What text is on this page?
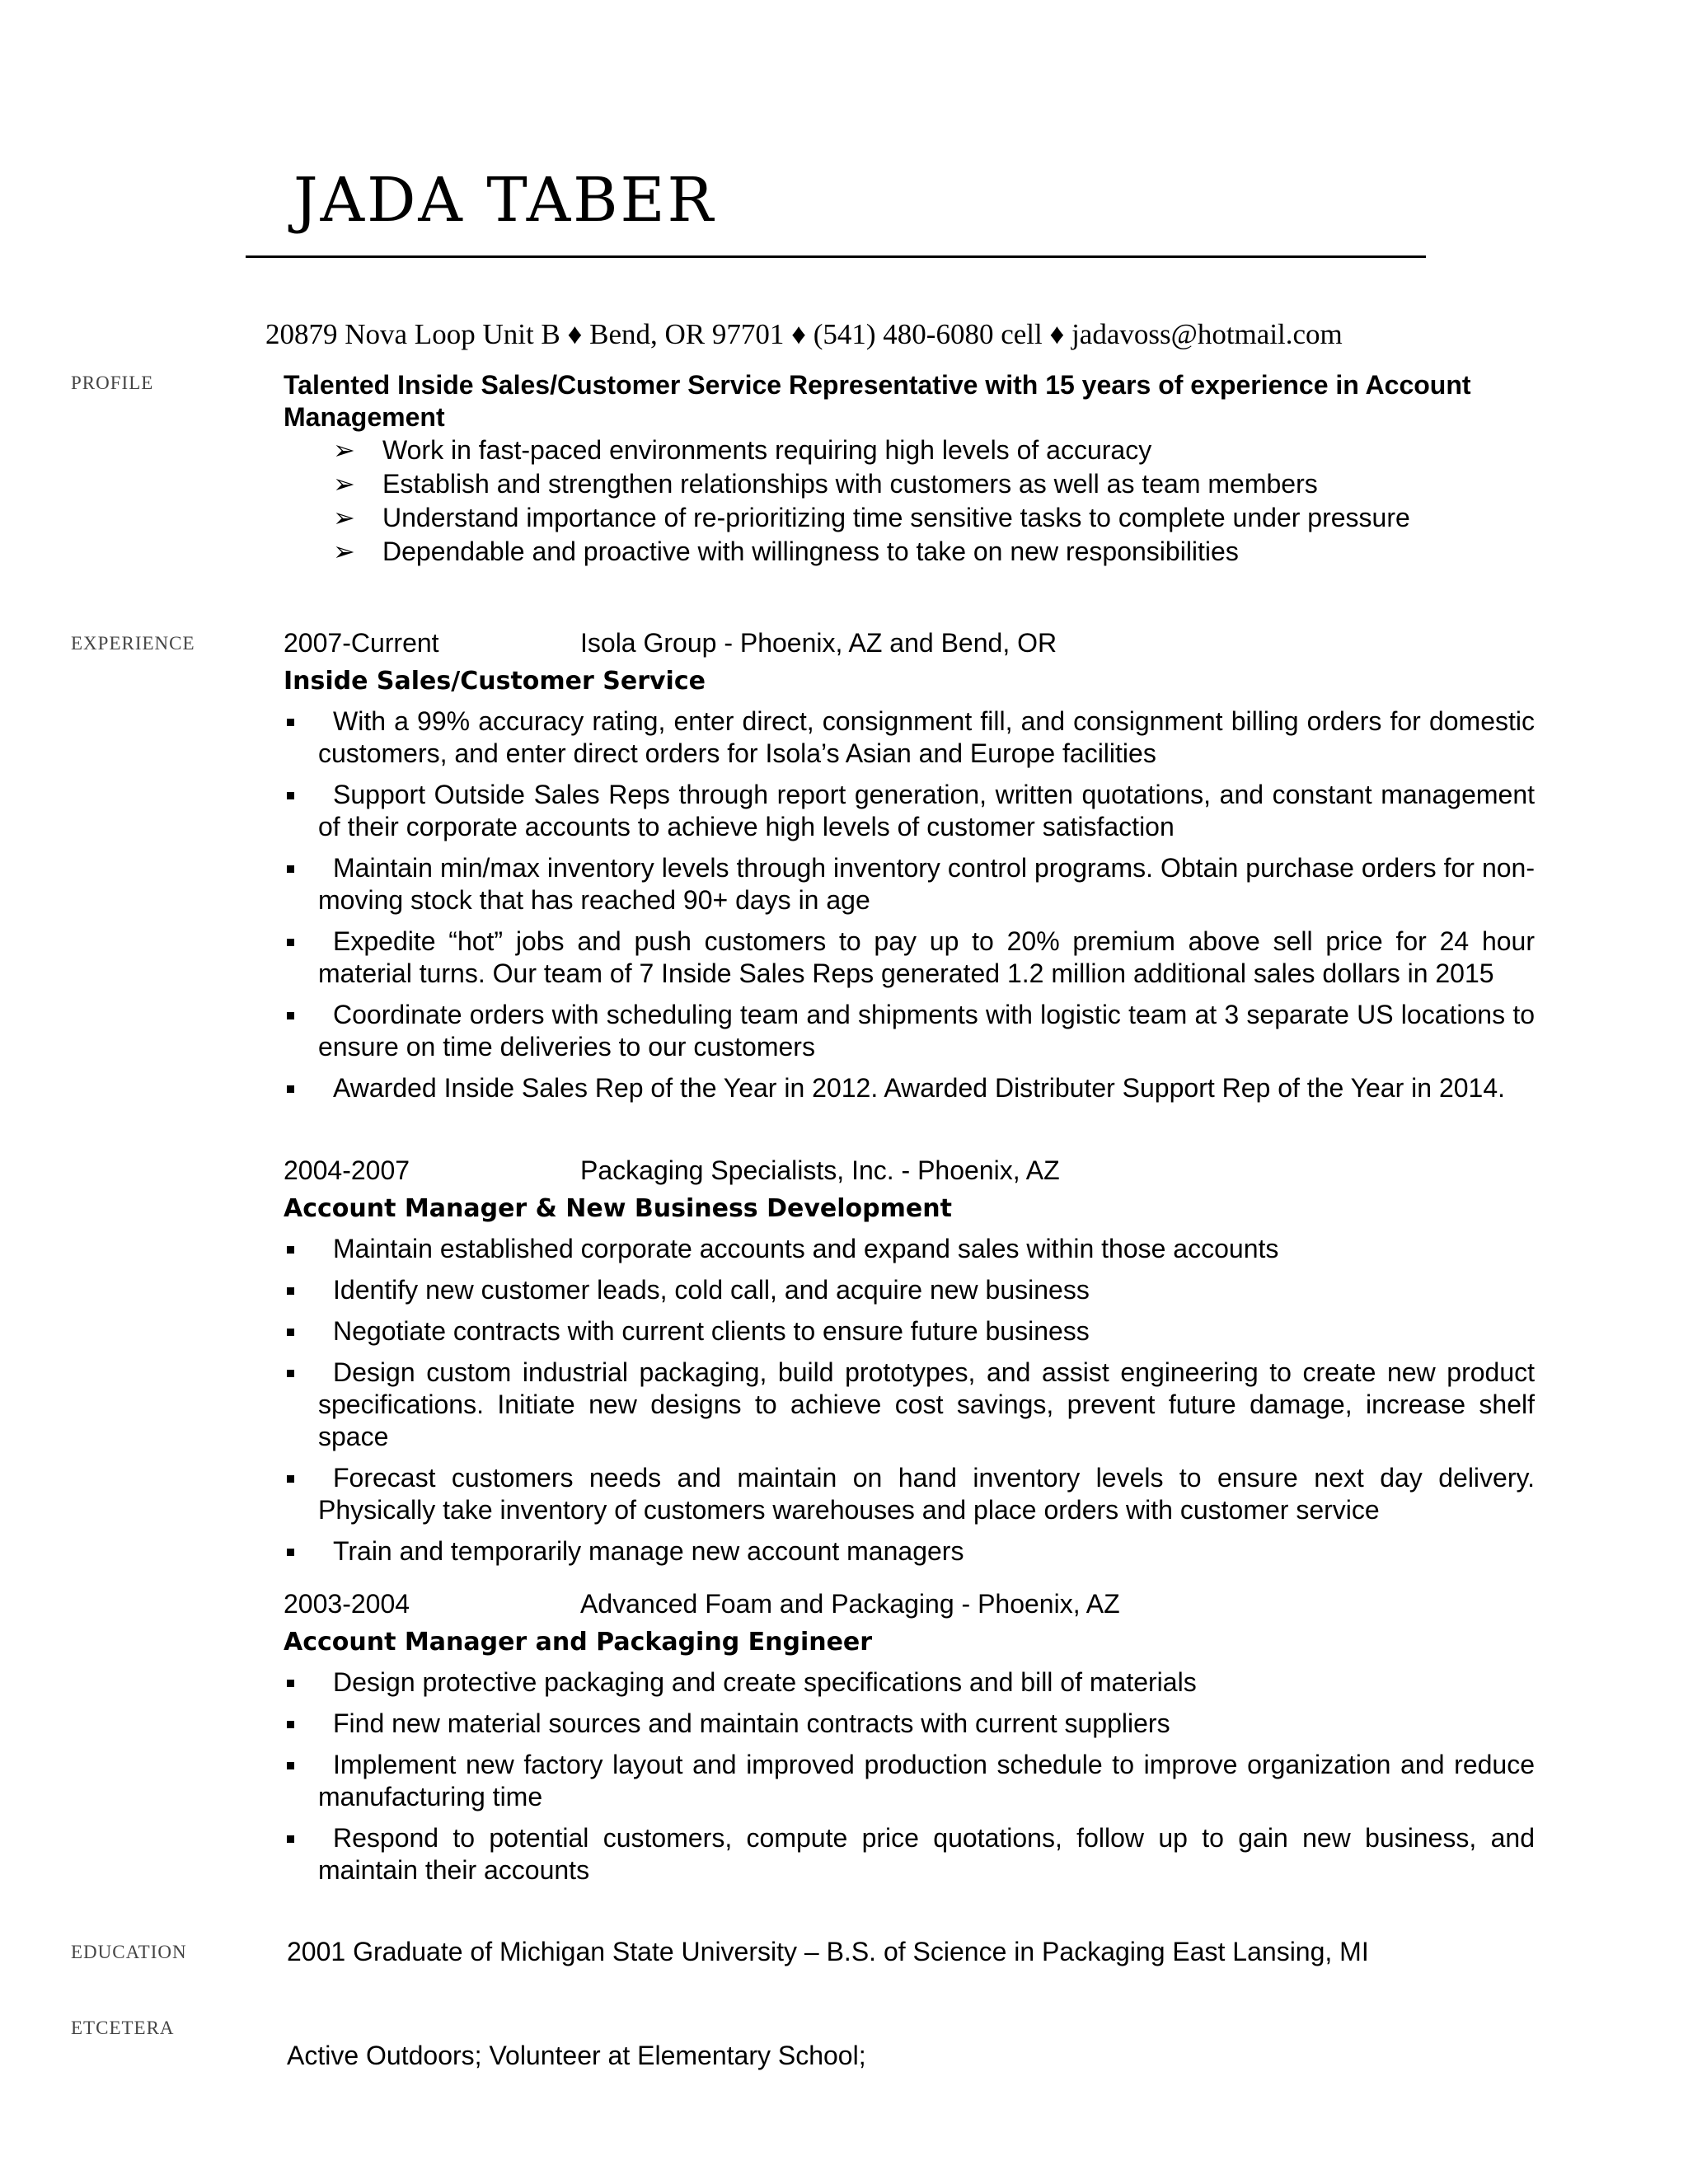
JADA TABER
20879 Nova Loop Unit B ♦ Bend, OR 97701 ♦ (541) 480-6080 cell ♦ jadavoss@hotmail.com
profile
experience
education
etcetera
Talented Inside Sales/Customer Service Representative with 15 years of experience in Account Management
➢ Work in fast-paced environments requiring high levels of accuracy
➢ Establish and strengthen relationships with customers as well as team members
➢ Understand importance of re-prioritizing time sensitive tasks to complete under pressure
➢ Dependable and proactive with willingness to take on new responsibilities
2007-Current	Isola Group - Phoenix, AZ and Bend, OR
Inside Sales/Customer Service
With a 99% accuracy rating, enter direct, consignment fill, and consignment billing orders for domestic customers, and enter direct orders for Isola’s Asian and Europe facilities
Support Outside Sales Reps through report generation, written quotations, and constant management of their corporate accounts to achieve high levels of customer satisfaction
Maintain min/max inventory levels through inventory control programs. Obtain purchase orders for non-moving stock that has reached 90+ days in age
Expedite “hot” jobs and push customers to pay up to 20% premium above sell price for 24 hour material turns. Our team of 7 Inside Sales Reps generated 1.2 million additional sales dollars in 2015
Coordinate orders with scheduling team and shipments with logistic team at 3 separate US locations to ensure on time deliveries to our customers
Awarded Inside Sales Rep of the Year in 2012. Awarded Distributer Support Rep of the Year in 2014.
2004-2007	Packaging Specialists, Inc. - Phoenix, AZ
Account Manager & New Business Development
Maintain established corporate accounts and expand sales within those accounts
Identify new customer leads, cold call, and acquire new business
Negotiate contracts with current clients to ensure future business
Design custom industrial packaging, build prototypes, and assist engineering to create new product specifications. Initiate new designs to achieve cost savings, prevent future damage, increase shelf space
Forecast customers needs and maintain on hand inventory levels to ensure next day delivery. Physically take inventory of customers warehouses and place orders with customer service
Train and temporarily manage new account managers
2003-2004	Advanced Foam and Packaging - Phoenix, AZ
Account Manager and Packaging Engineer
Design protective packaging and create specifications and bill of materials
Find new material sources and maintain contracts with current suppliers
Implement new factory layout and improved production schedule to improve organization and reduce manufacturing time
Respond to potential customers, compute price quotations, follow up to gain new business, and maintain their accounts
2001 Graduate of Michigan State University – B.S. of Science in Packaging East Lansing, MI
Active Outdoors; Volunteer at Elementary School;
